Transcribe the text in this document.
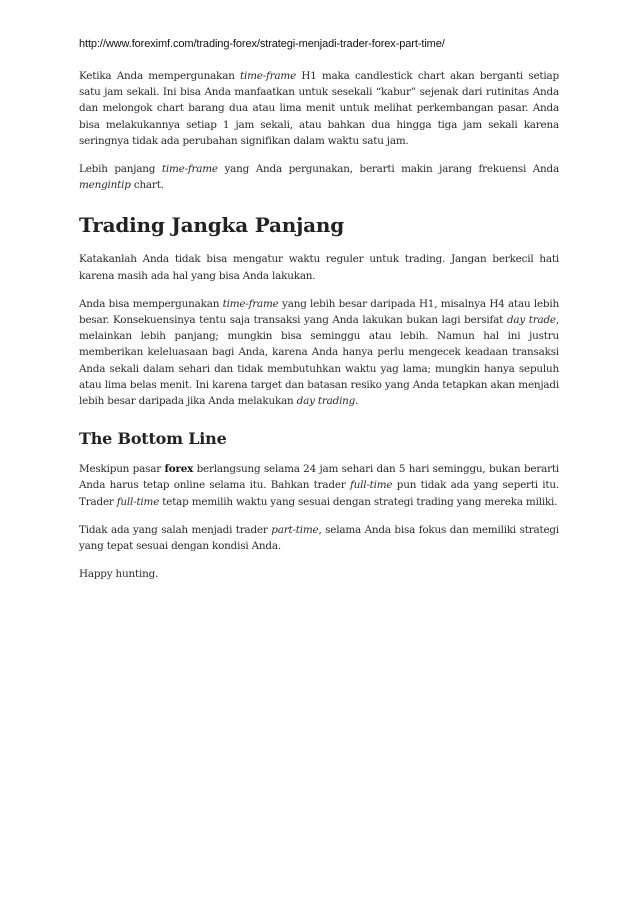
http://www.foreximf.com/trading-forex/strategi-menjadi-trader-forex-part-time/

Ketika Anda mempergunakan time-frame H1 maka candlestick chart akan berganti setiap satu jam sekali. Ini bisa Anda manfaatkan untuk sesekali “kabur” sejenak dari rutinitas Anda dan melongok chart barang dua atau lima menit untuk melihat perkembangan pasar. Anda bisa melakukannya setiap 1 jam sekali, atau bahkan dua hingga tiga jam sekali karena seringnya tidak ada perubahan signifikan dalam waktu satu jam.

Lebih panjang time-frame yang Anda pergunakan, berarti makin jarang frekuensi Anda mengintip chart.

Trading Jangka Panjang

Katakanlah Anda tidak bisa mengatur waktu reguler untuk trading. Jangan berkecil hati karena masih ada hal yang bisa Anda lakukan.

Anda bisa mempergunakan time-frame yang lebih besar daripada H1, misalnya H4 atau lebih besar. Konsekuensinya tentu saja transaksi yang Anda lakukan bukan lagi bersifat day trade, melainkan lebih panjang; mungkin bisa seminggu atau lebih. Namun hal ini justru memberikan keleluasaan bagi Anda, karena Anda hanya perlu mengecek keadaan transaksi Anda sekali dalam sehari dan tidak membutuhkan waktu yag lama; mungkin hanya sepuluh atau lima belas menit. Ini karena target dan batasan resiko yang Anda tetapkan akan menjadi lebih besar daripada jika Anda melakukan day trading.

The Bottom Line

Meskipun pasar forex berlangsung selama 24 jam sehari dan 5 hari seminggu, bukan berarti Anda harus tetap online selama itu. Bahkan trader full-time pun tidak ada yang seperti itu. Trader full-time tetap memilih waktu yang sesuai dengan strategi trading yang mereka miliki.

Tidak ada yang salah menjadi trader part-time, selama Anda bisa fokus dan memiliki strategi yang tepat sesuai dengan kondisi Anda.

Happy hunting.
